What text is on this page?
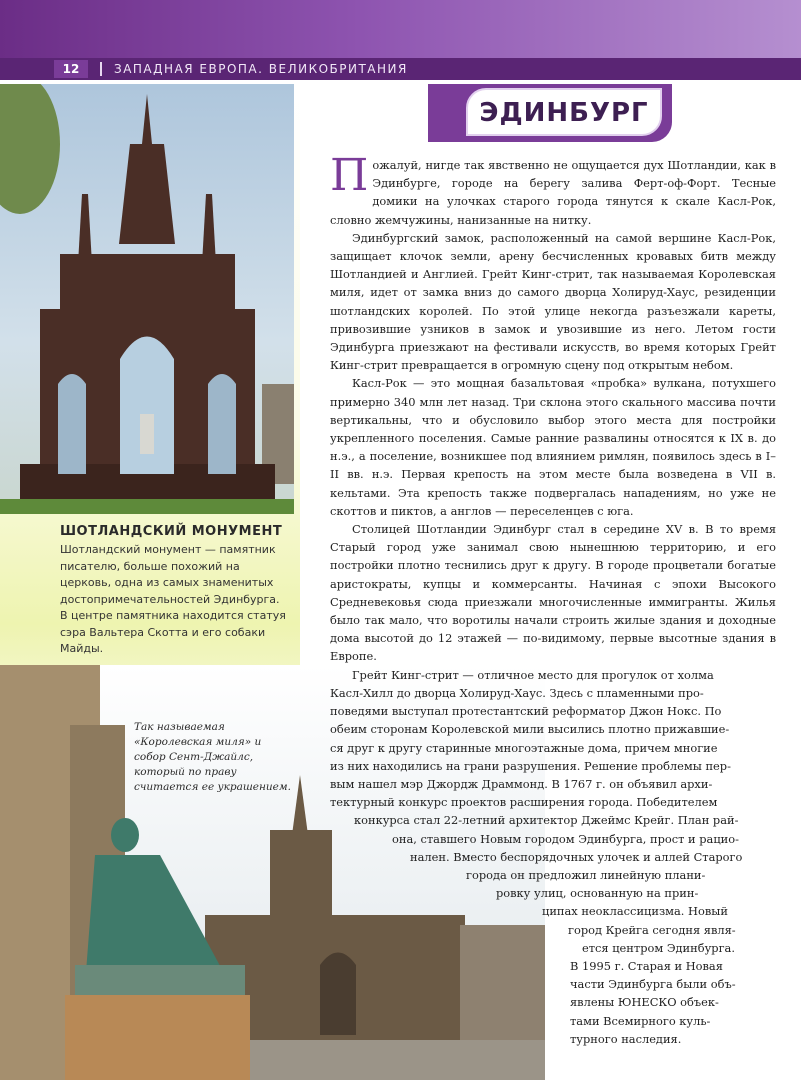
12	ЗАПАДНАЯ ЕВРОПА. ВЕЛИКОБРИТАНИЯ
ШОТЛАНДСКИЙ МОНУМЕНТ
Шотландский монумент — памятник писателю, больше похожий на церковь, одна из самых знаменитых достопримечательностей Эдинбурга. В центре памятника находится статуя сэра Вальтера Скотта и его собаки Майды.
Так называемая «Королевская миля» и собор Сент-Джайлс, который по праву считается ее украшением.
ЭДИНБУРГ

Пожалуй, нигде так явственно не ощущается дух Шотландии, как в Эдинбурге, городе на берегу залива Ферт-оф-Форт. Тесные домики на улочках старого города тянутся к скале Касл-Рок, словно жемчужины, нанизанные на нитку.

Эдинбургский замок, расположенный на самой вершине Касл-Рок, защищает клочок земли, арену бесчисленных кровавых битв между Шотландией и Англией. Грейт Кинг-стрит, так называемая Королевская миля, идет от замка вниз до самого дворца Холируд-Хаус, резиденции шотландских королей. По этой улице некогда разъезжали кареты, привозившие узников в замок и увозившие из него. Летом гости Эдинбурга приезжают на фестивали искусств, во время которых Грейт Кинг-стрит превращается в огромную сцену под открытым небом.

Касл-Рок — это мощная базальтовая «пробка» вулкана, потухшего примерно 340 млн лет назад. Три склона этого скального массива почти вертикальны, что и обусловило выбор этого места для постройки укрепленного поселения. Самые ранние развалины относятся к IX в. до н.э., а поселение, возникшее под влиянием римлян, появилось здесь в I–II вв. н.э. Первая крепость на этом месте была возведена в VII в. кельтами. Эта крепость также подвергалась нападениям, но уже не скоттов и пиктов, а англов — переселенцев с юга.

Столицей Шотландии Эдинбург стал в середине XV в. В то время Старый город уже занимал свою нынешнюю территорию, и его постройки плотно теснились друг к другу. В городе процветали богатые аристократы, купцы и коммерсанты. Начиная с эпохи Высокого Средневековья сюда приезжали многочисленные иммигранты. Жилья было так мало, что воротилы начали строить жилые здания и доходные дома высотой до 12 этажей — по-видимому, первые высотные здания в Европе.

Грейт Кинг-стрит — отличное место для прогулок от холма
Касл-Хилл до дворца Холируд-Хаус. Здесь с пламенными про-
поведями выступал протестантский реформатор Джон Нокс. По
обеим сторонам Королевской мили высились плотно прижавшие-
ся друг к другу старинные многоэтажные дома, причем многие
из них находились на грани разрушения. Решение проблемы пер-
вым нашел мэр Джордж Драммонд. В 1767 г. он объявил архи-
тектурный конкурс проектов расширения города. Победителем
конкурса стал 22-летний архитектор Джеймс Крейг. План рай-
она, ставшего Новым городом Эдинбурга, прост и рацио-
нален. Вместо беспорядочных улочек и аллей Старого
города он предложил линейную плани-
ровку улиц, основанную на прин-
ципах неоклассицизма. Новый
город Крейга сегодня явля-
ется центром Эдинбурга.
В 1995 г. Старая и Новая
части Эдинбурга были объ-
явлены ЮНЕСКО объек-
тами Всемирного куль-
турного наследия.
